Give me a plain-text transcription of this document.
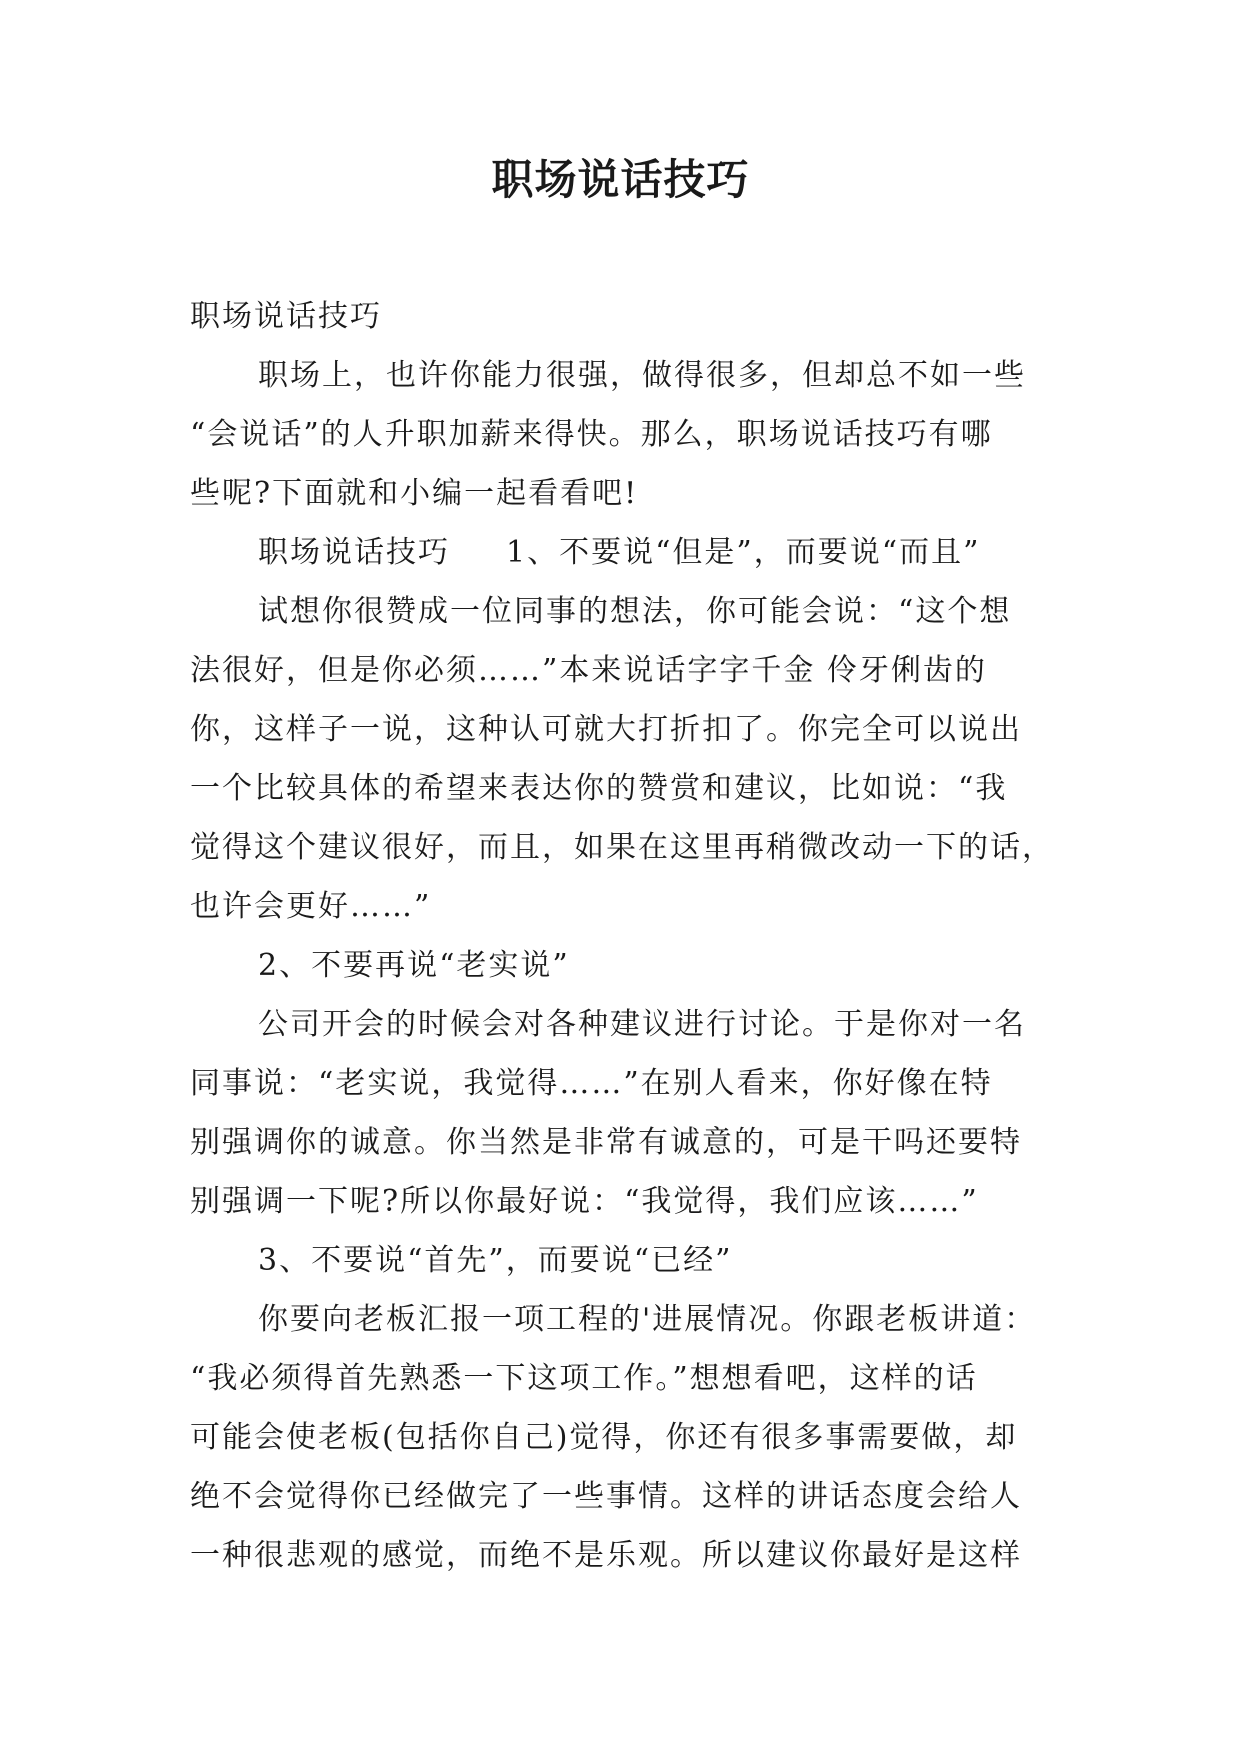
职场说话技巧
职场说话技巧
职场上，也许你能力很强，做得很多，但却总不如一些
“会说话”的人升职加薪来得快。那么，职场说话技巧有哪
些呢?下面就和小编一起看看吧!
职场说话技巧 1、不要说“但是”，而要说“而且”
试想你很赞成一位同事的想法，你可能会说：“这个想
法很好，但是你必须……”本来说话字字千金 伶牙俐齿的
你，这样子一说，这种认可就大打折扣了。你完全可以说出
一个比较具体的希望来表达你的赞赏和建议，比如说：“我
觉得这个建议很好，而且，如果在这里再稍微改动一下的话，
也许会更好……”
2、不要再说“老实说”
公司开会的时候会对各种建议进行讨论。于是你对一名
同事说：“老实说，我觉得……”在别人看来，你好像在特
别强调你的诚意。你当然是非常有诚意的，可是干吗还要特
别强调一下呢?所以你最好说：“我觉得，我们应该……”
3、不要说“首先”，而要说“已经”
你要向老板汇报一项工程的'进展情况。你跟老板讲道：
“我必须得首先熟悉一下这项工作。”想想看吧，这样的话
可能会使老板(包括你自己)觉得，你还有很多事需要做，却
绝不会觉得你已经做完了一些事情。这样的讲话态度会给人
一种很悲观的感觉，而绝不是乐观。所以建议你最好是这样
